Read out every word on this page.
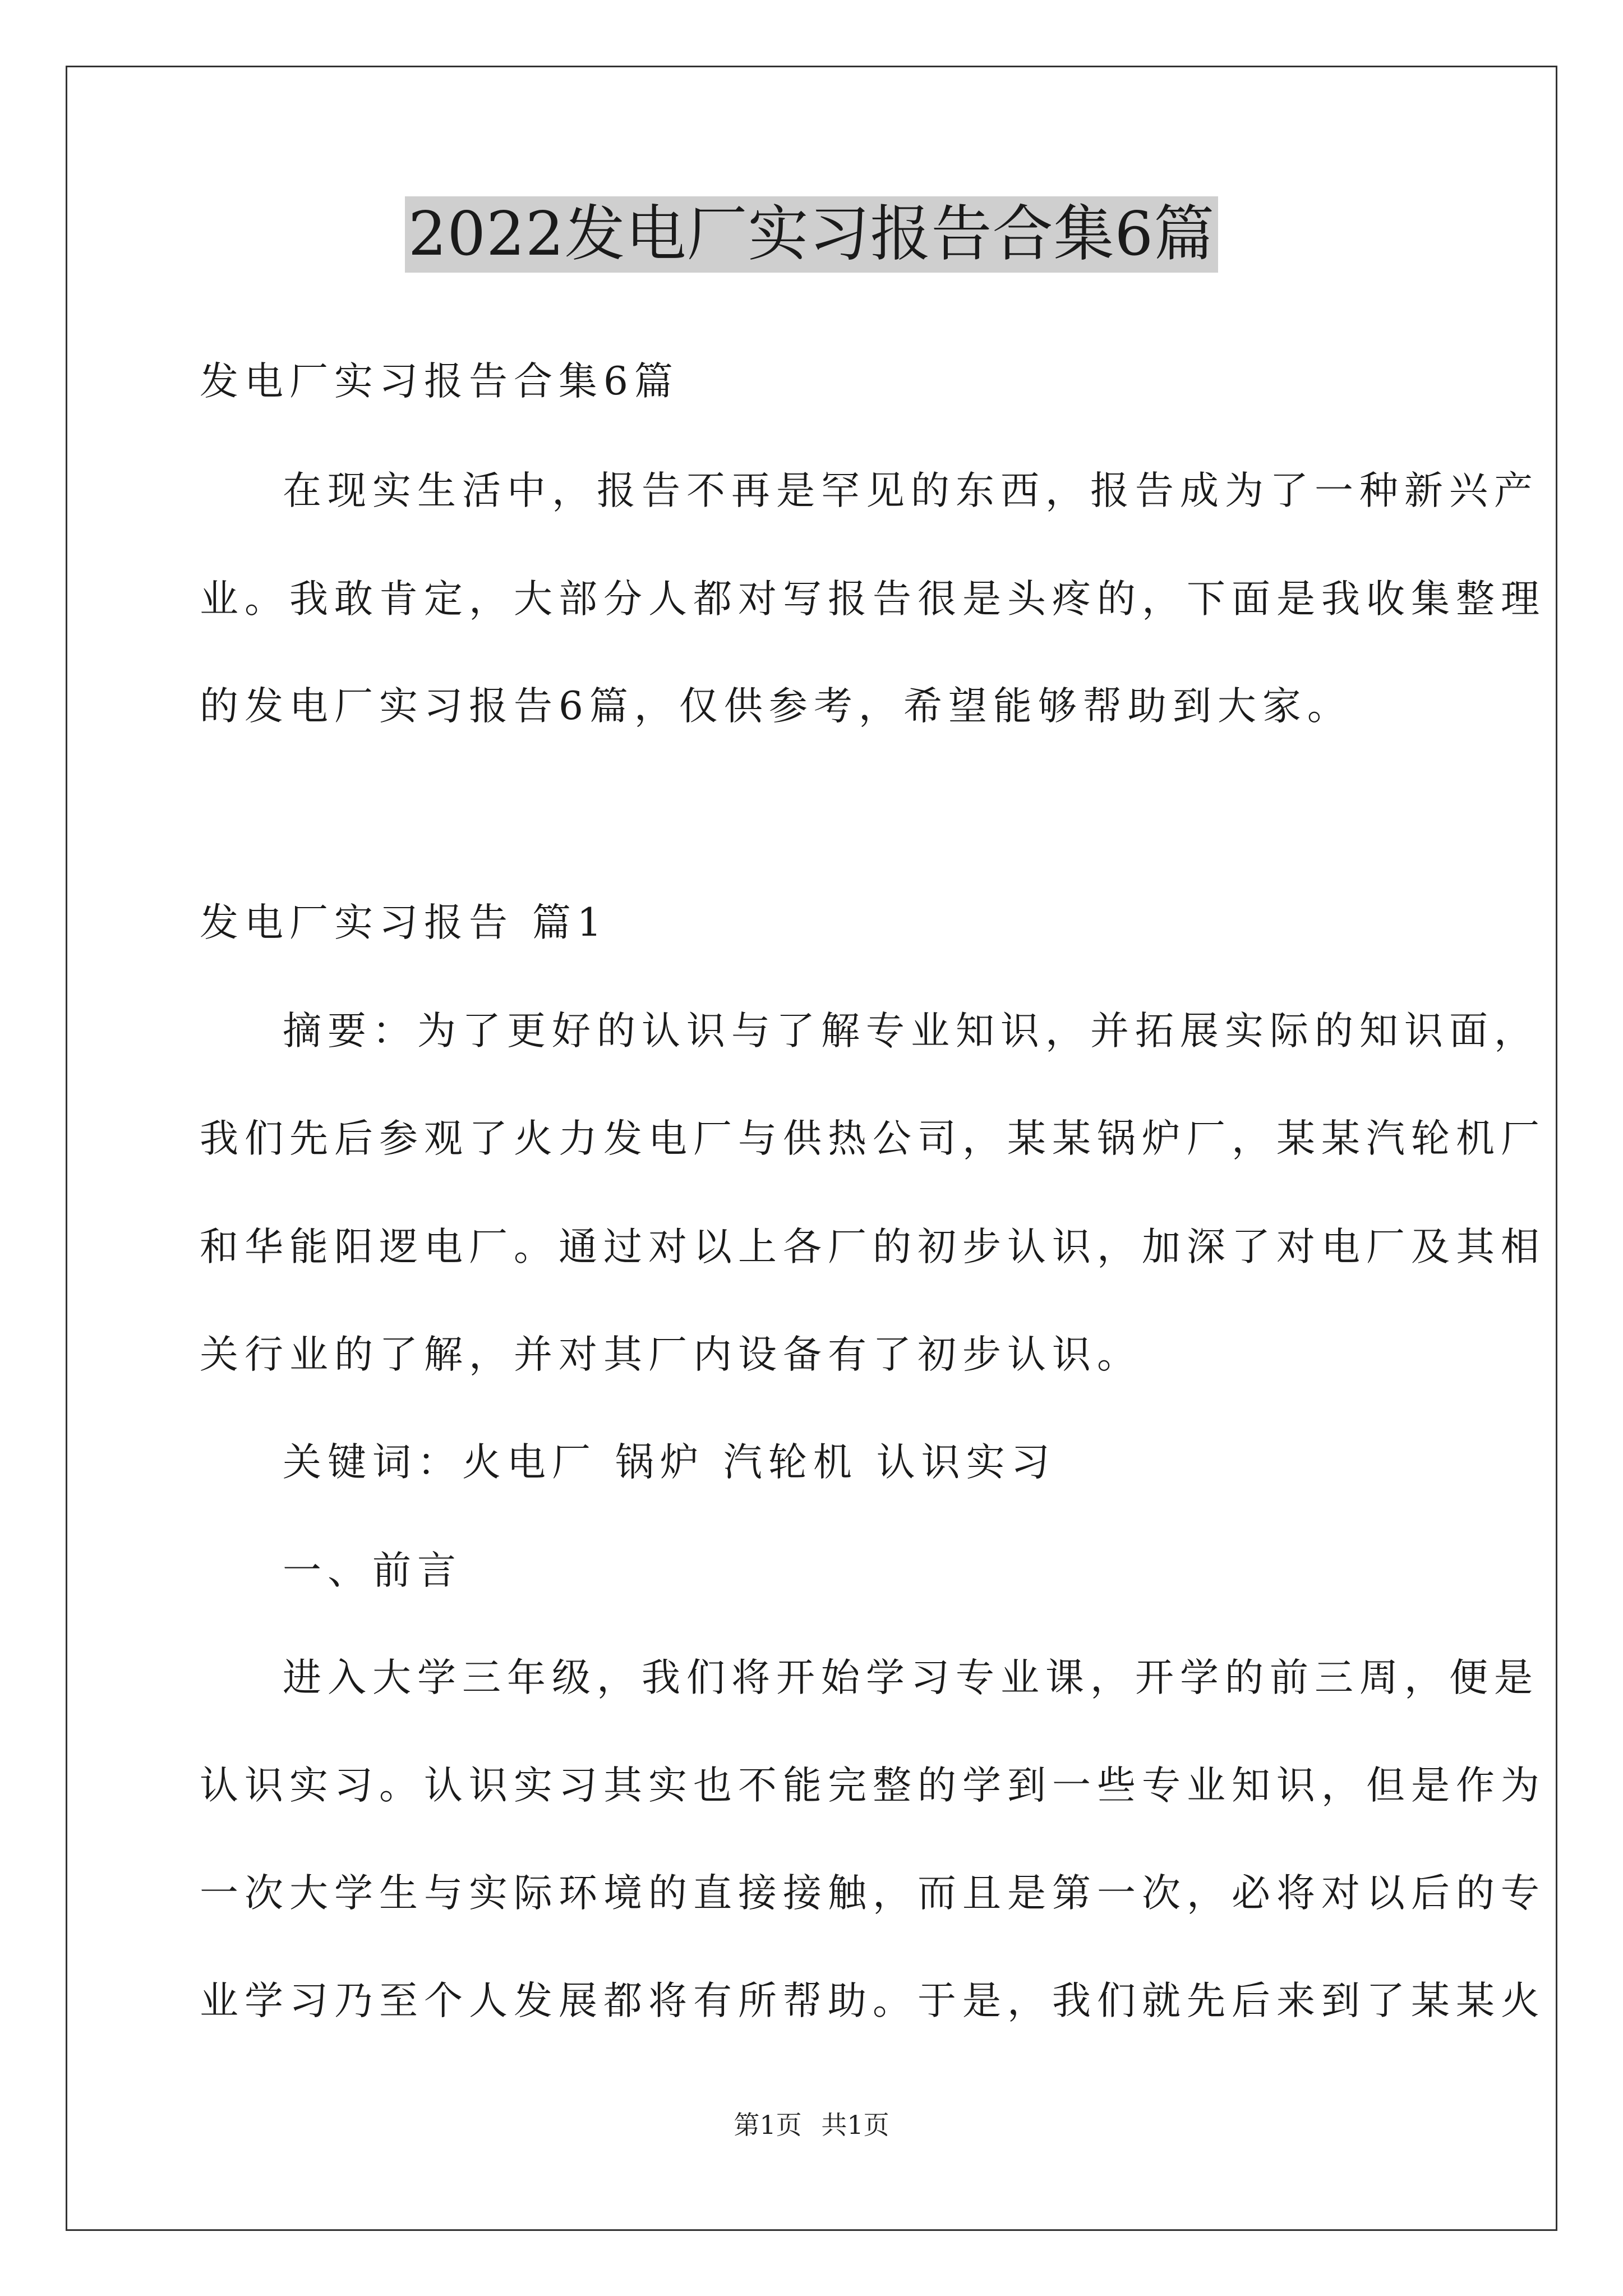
2022发电厂实习报告合集6篇
发电厂实习报告合集6篇
在现实生活中，报告不再是罕见的东西，报告成为了一种新兴产
业。我敢肯定，大部分人都对写报告很是头疼的，下面是我收集整理
的发电厂实习报告6篇，仅供参考，希望能够帮助到大家。
发电厂实习报告 篇1
摘要：为了更好的认识与了解专业知识，并拓展实际的知识面，
我们先后参观了火力发电厂与供热公司，某某锅炉厂，某某汽轮机厂
和华能阳逻电厂。通过对以上各厂的初步认识，加深了对电厂及其相
关行业的了解，并对其厂内设备有了初步认识。
关键词：火电厂 锅炉 汽轮机 认识实习
一、前言
进入大学三年级，我们将开始学习专业课，开学的前三周，便是
认识实习。认识实习其实也不能完整的学到一些专业知识，但是作为
一次大学生与实际环境的直接接触，而且是第一次，必将对以后的专
业学习乃至个人发展都将有所帮助。于是，我们就先后来到了某某火
第1页 共1页
